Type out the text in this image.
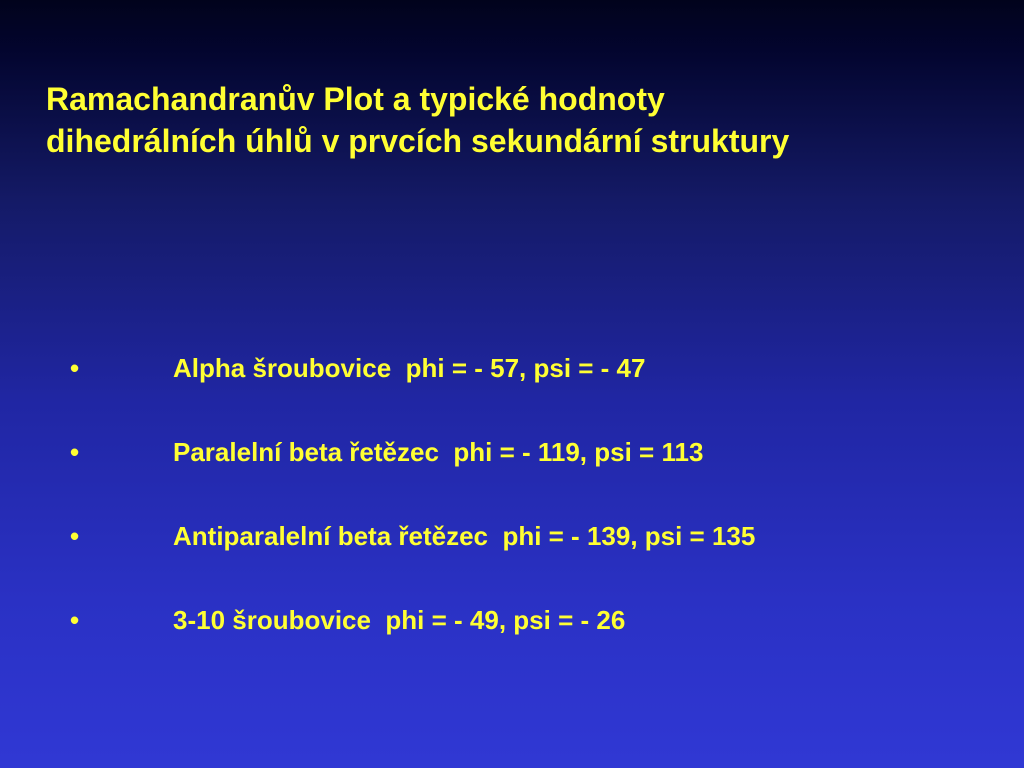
Ramachandranův Plot a typické hodnoty
dihedrálních úhlů v prvcích sekundární struktury
•	Alpha šroubovice  phi = - 57, psi = - 47
•	Paralelní beta řetězec  phi = - 119, psi = 113
•	Antiparalelní beta řetězec  phi = - 139, psi = 135
•	3-10 šroubovice  phi = - 49, psi = - 26
